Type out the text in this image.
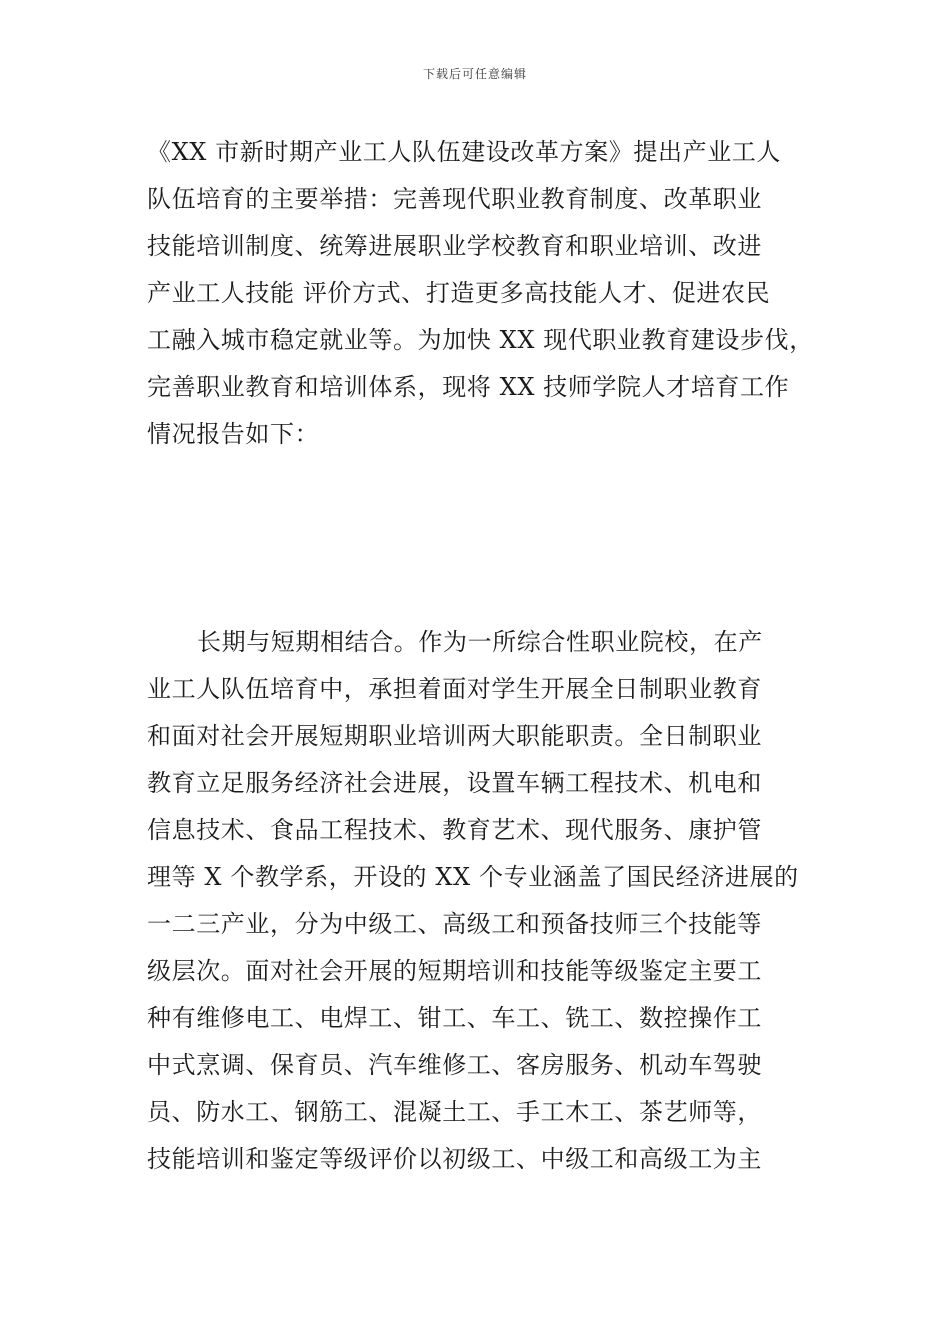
下载后可任意编辑
《XX 市新时期产业工人队伍建设改革方案》提出产业工人
队伍培育的主要举措：完善现代职业教育制度、改革职业
技能培训制度、统筹进展职业学校教育和职业培训、改进
产业工人技能 评价方式、打造更多高技能人才、促进农民
工融入城市稳定就业等。为加快 XX 现代职业教育建设步伐，
完善职业教育和培训体系，现将 XX 技师学院人才培育工作
情况报告如下：
长期与短期相结合。作为一所综合性职业院校，在产
业工人队伍培育中，承担着面对学生开展全日制职业教育
和面对社会开展短期职业培训两大职能职责。全日制职业
教育立足服务经济社会进展，设置车辆工程技术、机电和
信息技术、食品工程技术、教育艺术、现代服务、康护管
理等 X 个教学系，开设的 XX 个专业涵盖了国民经济进展的
一二三产业，分为中级工、高级工和预备技师三个技能等
级层次。面对社会开展的短期培训和技能等级鉴定主要工
种有维修电工、电焊工、钳工、车工、铣工、数控操作工
中式烹调、保育员、汽车维修工、客房服务、机动车驾驶
员、防水工、钢筋工、混凝土工、手工木工、茶艺师等，
技能培训和鉴定等级评价以初级工、中级工和高级工为主
